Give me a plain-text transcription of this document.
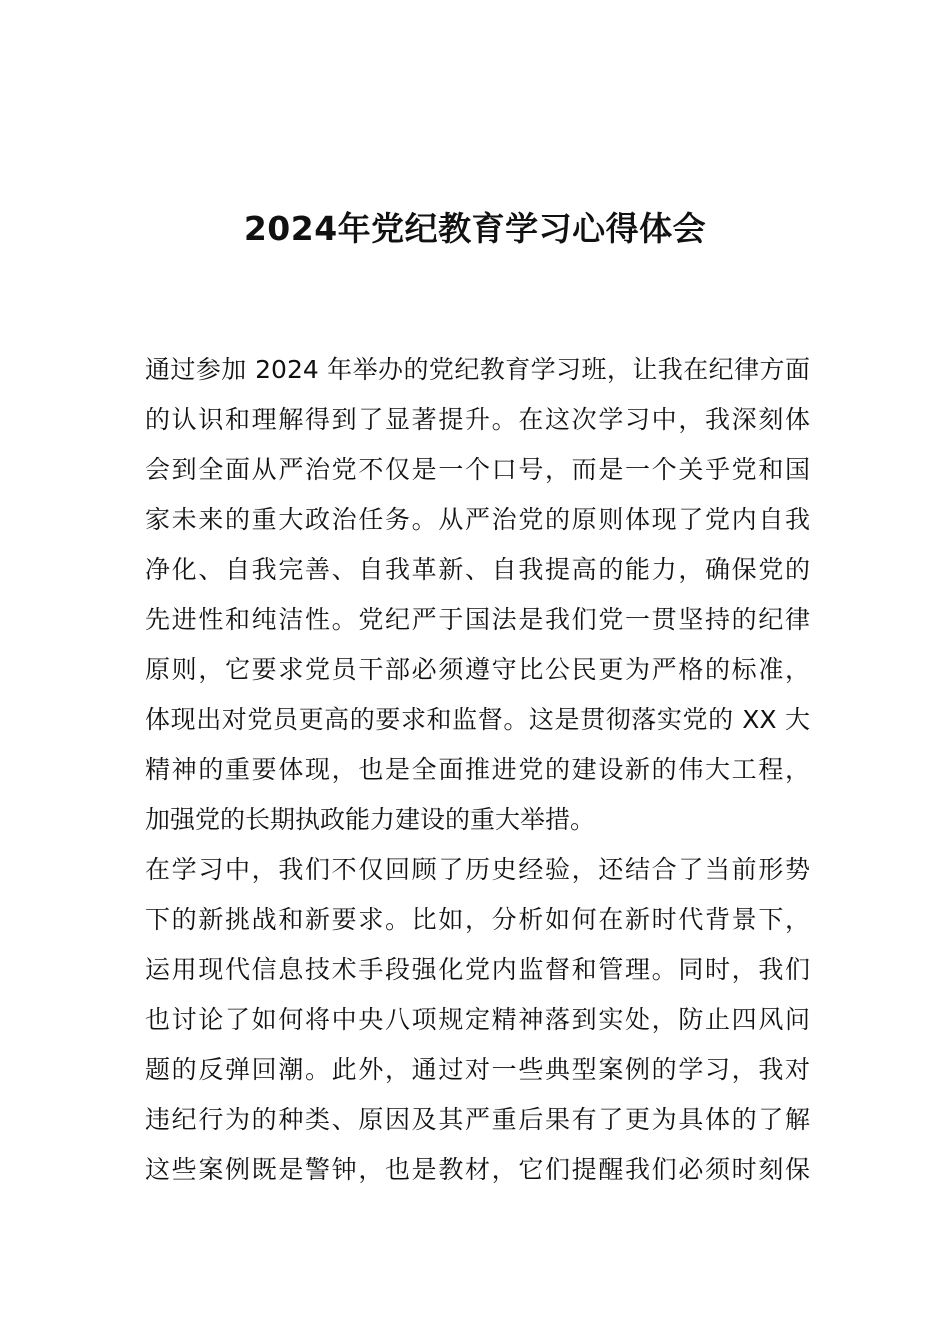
2024年党纪教育学习心得体会
通过参加 2024 年举办的党纪教育学习班，让我在纪律方面
的认识和理解得到了显著提升。在这次学习中，我深刻体
会到全面从严治党不仅是一个口号，而是一个关乎党和国
家未来的重大政治任务。从严治党的原则体现了党内自我
净化、自我完善、自我革新、自我提高的能力，确保党的
先进性和纯洁性。党纪严于国法是我们党一贯坚持的纪律
原则，它要求党员干部必须遵守比公民更为严格的标准，
体现出对党员更高的要求和监督。这是贯彻落实党的 XX 大
精神的重要体现，也是全面推进党的建设新的伟大工程，
加强党的长期执政能力建设的重大举措。
在学习中，我们不仅回顾了历史经验，还结合了当前形势
下的新挑战和新要求。比如，分析如何在新时代背景下，
运用现代信息技术手段强化党内监督和管理。同时，我们
也讨论了如何将中央八项规定精神落到实处，防止四风问
题的反弹回潮。此外，通过对一些典型案例的学习，我对
违纪行为的种类、原因及其严重后果有了更为具体的了解
这些案例既是警钟，也是教材，它们提醒我们必须时刻保
